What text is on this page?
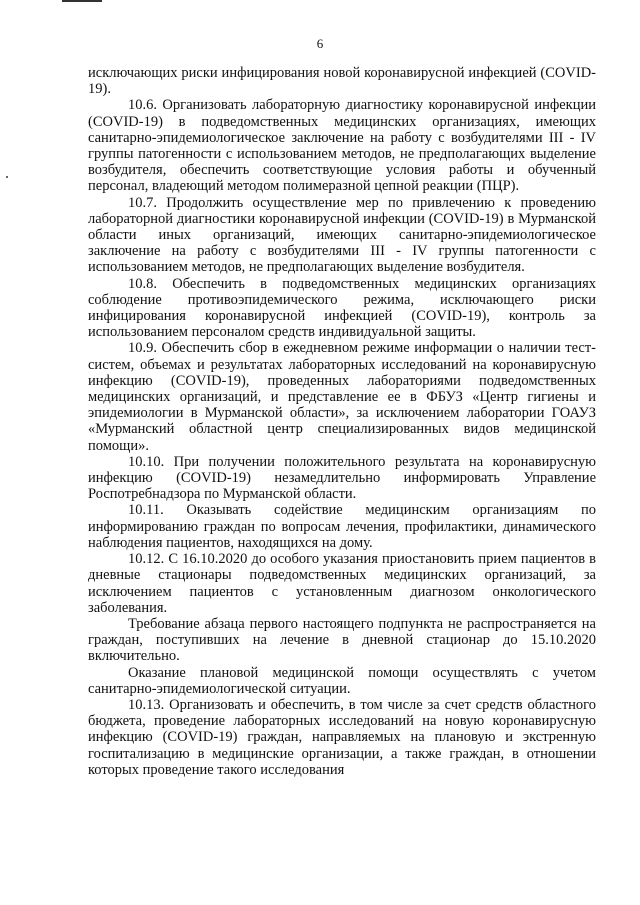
6

исключающих риски инфицирования новой коронавирусной инфекцией (COVID-19).

10.6. Организовать лабораторную диагностику коронавирусной инфекции (COVID-19) в подведомственных медицинских организациях, имеющих санитарно-эпидемиологическое заключение на работу с возбудителями III - IV группы патогенности с использованием методов, не предполагающих выделение возбудителя, обеспечить соответствующие условия работы и обученный персонал, владеющий методом полимеразной цепной реакции (ПЦР).

10.7. Продолжить осуществление мер по привлечению к проведению лабораторной диагностики коронавирусной инфекции (COVID-19) в Мурманской области иных организаций, имеющих санитарно-эпидемиологическое заключение на работу с возбудителями III - IV группы патогенности с использованием методов, не предполагающих выделение возбудителя.

10.8. Обеспечить в подведомственных медицинских организациях соблюдение противоэпидемического режима, исключающего риски инфицирования коронавирусной инфекцией (COVID-19), контроль за использованием персоналом средств индивидуальной защиты.

10.9. Обеспечить сбор в ежедневном режиме информации о наличии тест-систем, объемах и результатах лабораторных исследований на коронавирусную инфекцию (COVID-19), проведенных лабораториями подведомственных медицинских организаций, и представление ее в ФБУЗ «Центр гигиены и эпидемиологии в Мурманской области», за исключением лаборатории ГОАУЗ «Мурманский областной центр специализированных видов медицинской помощи».

10.10. При получении положительного результата на коронавирусную инфекцию (COVID-19) незамедлительно информировать Управление Роспотребнадзора по Мурманской области.

10.11. Оказывать содействие медицинским организациям по информированию граждан по вопросам лечения, профилактики, динамического наблюдения пациентов, находящихся на дому.

10.12. С 16.10.2020 до особого указания приостановить прием пациентов в дневные стационары подведомственных медицинских организаций, за исключением пациентов с установленным диагнозом онкологического заболевания.

Требование абзаца первого настоящего подпункта не распространяется на граждан, поступивших на лечение в дневной стационар до 15.10.2020 включительно.

Оказание плановой медицинской помощи осуществлять с учетом санитарно-эпидемиологической ситуации.

10.13. Организовать и обеспечить, в том числе за счет средств областного бюджета, проведение лабораторных исследований на новую коронавирусную инфекцию (COVID-19) граждан, направляемых на плановую и экстренную госпитализацию в медицинские организации, а также граждан, в отношении которых проведение такого исследования
